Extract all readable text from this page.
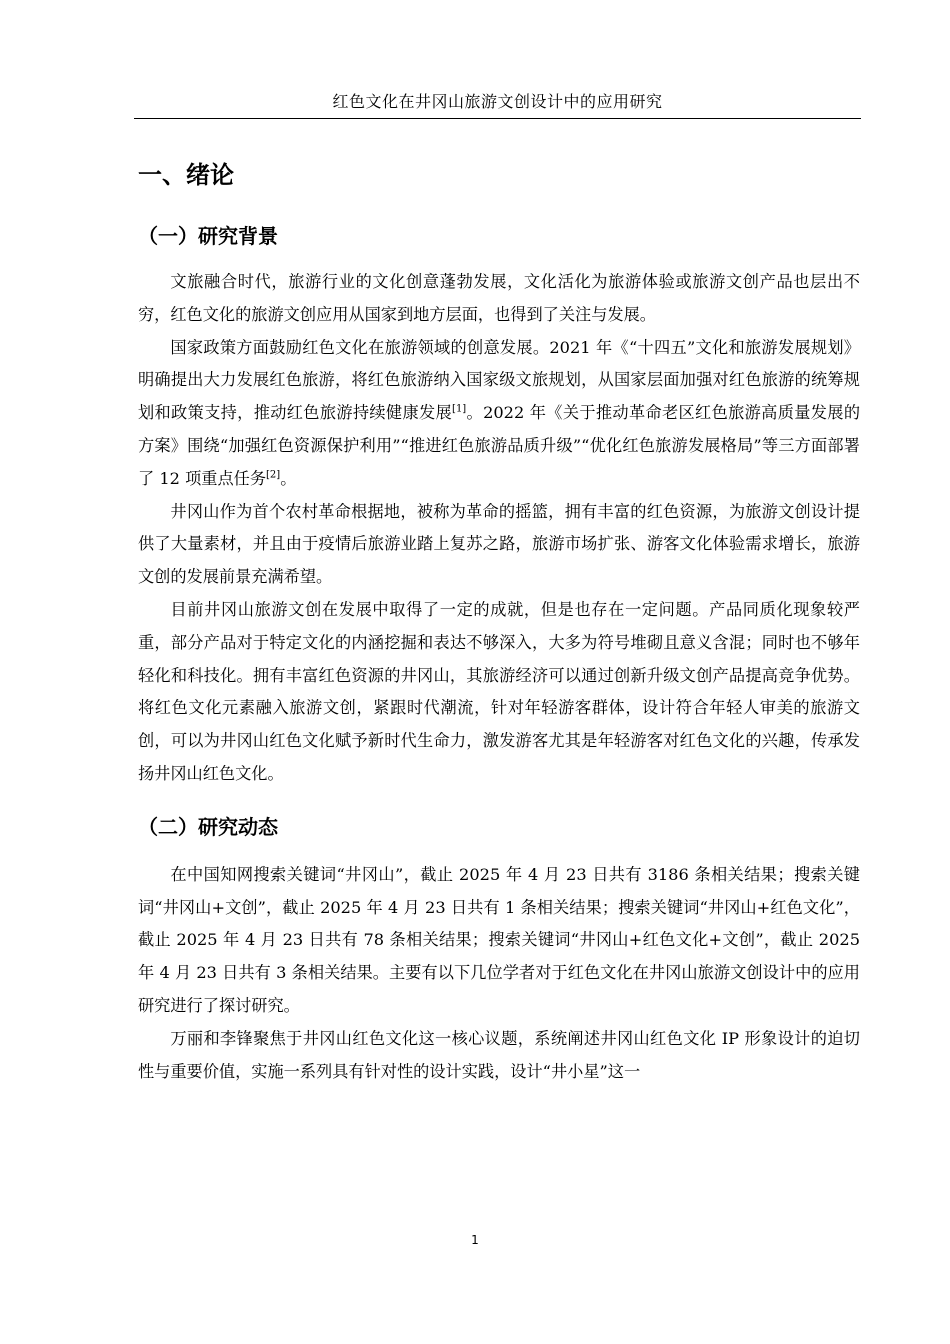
红色文化在井冈山旅游文创设计中的应用研究
一、绪论
（一）研究背景

文旅融合时代，旅游行业的文化创意蓬勃发展，文化活化为旅游体验或旅游文创产品也层出不穷，红色文化的旅游文创应用从国家到地方层面，也得到了关注与发展。

国家政策方面鼓励红色文化在旅游领域的创意发展。2021 年《“十四五”文化和旅游发展规划》明确提出大力发展红色旅游，将红色旅游纳入国家级文旅规划，从国家层面加强对红色旅游的统筹规划和政策支持，推动红色旅游持续健康发展[1]。2022 年《关于推动革命老区红色旅游高质量发展的方案》围绕“加强红色资源保护利用”“推进红色旅游品质升级”“优化红色旅游发展格局”等三方面部署了 12 项重点任务[2]。

井冈山作为首个农村革命根据地，被称为革命的摇篮，拥有丰富的红色资源，为旅游文创设计提供了大量素材，并且由于疫情后旅游业踏上复苏之路，旅游市场扩张、游客文化体验需求增长，旅游文创的发展前景充满希望。

目前井冈山旅游文创在发展中取得了一定的成就，但是也存在一定问题。产品同质化现象较严重，部分产品对于特定文化的内涵挖掘和表达不够深入，大多为符号堆砌且意义含混；同时也不够年轻化和科技化。拥有丰富红色资源的井冈山，其旅游经济可以通过创新升级文创产品提高竞争优势。将红色文化元素融入旅游文创，紧跟时代潮流，针对年轻游客群体，设计符合年轻人审美的旅游文创，可以为井冈山红色文化赋予新时代生命力，激发游客尤其是年轻游客对红色文化的兴趣，传承发扬井冈山红色文化。

（二）研究动态

在中国知网搜索关键词“井冈山”，截止 2025 年 4 月 23 日共有 3186 条相关结果；搜索关键词“井冈山+文创”，截止 2025 年 4 月 23 日共有 1 条相关结果；搜索关键词“井冈山+红色文化”，截止 2025 年 4 月 23 日共有 78 条相关结果；搜索关键词“井冈山+红色文化+文创”，截止 2025 年 4 月 23 日共有 3 条相关结果。主要有以下几位学者对于红色文化在井冈山旅游文创设计中的应用研究进行了探讨研究。

万丽和李锋聚焦于井冈山红色文化这一核心议题，系统阐述井冈山红色文化 IP 形象设计的迫切性与重要价值，实施一系列具有针对性的设计实践，设计“井小星”这一

1
